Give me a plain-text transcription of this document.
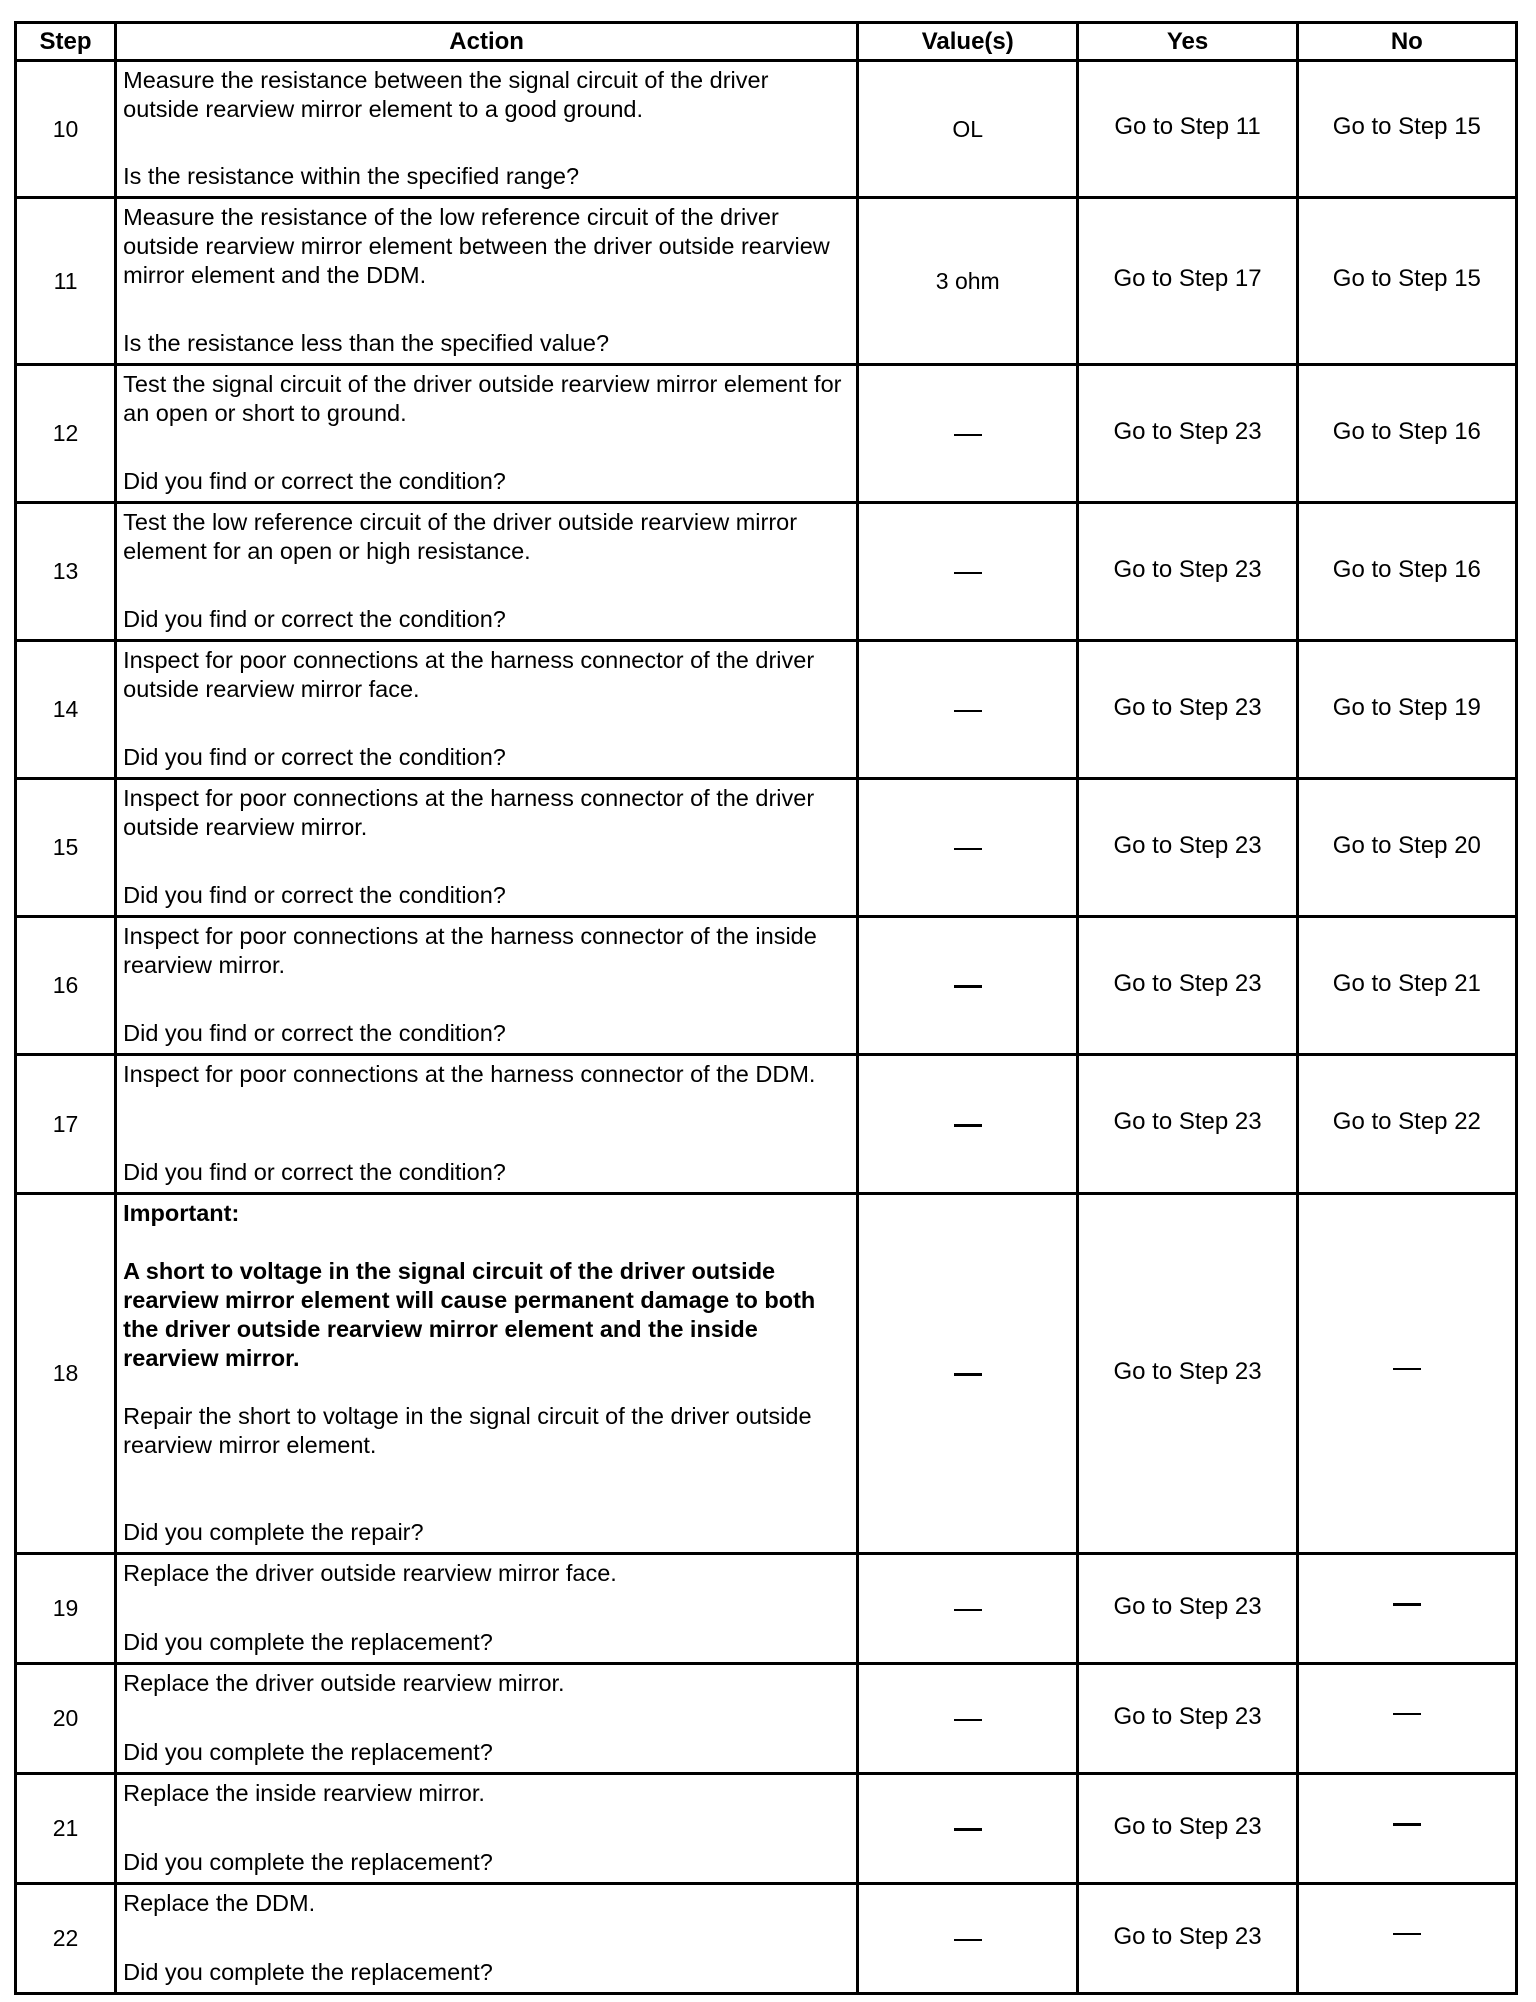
Step	Action	Value(s)	Yes	No
10	Measure the resistance between the signal circuit of the driver outside rearview mirror element to a good ground.
Is the resistance within the specified range?	OL	Go to Step 11	Go to Step 15

11	Measure the resistance of the low reference circuit of the driver outside rearview mirror element between the driver outside rearview mirror element and the DDM.
Is the resistance less than the specified value?	3 ohm	Go to Step 17	Go to Step 15

12	Test the signal circuit of the driver outside rearview mirror element for an open or short to ground.
Did you find or correct the condition?		Go to Step 23	Go to Step 16

13	Test the low reference circuit of the driver outside rearview mirror element for an open or high resistance.
Did you find or correct the condition?		Go to Step 23	Go to Step 16

14	Inspect for poor connections at the harness connector of the driver outside rearview mirror face.
Did you find or correct the condition?		Go to Step 23	Go to Step 19

15	Inspect for poor connections at the harness connector of the driver outside rearview mirror.
Did you find or correct the condition?		Go to Step 23	Go to Step 20

16	Inspect for poor connections at the harness connector of the inside rearview mirror.
Did you find or correct the condition?		Go to Step 23	Go to Step 21

17	Inspect for poor connections at the harness connector of the DDM.
Did you find or correct the condition?		Go to Step 23	Go to Step 22

18	Important:
A short to voltage in the signal circuit of the driver outside rearview mirror element will cause permanent damage to both the driver outside rearview mirror element and the inside rearview mirror.
Repair the short to voltage in the signal circuit of the driver outside rearview mirror element.
Did you complete the repair?		Go to Step 23

19	Replace the driver outside rearview mirror face.
Did you complete the replacement?		Go to Step 23

20	Replace the driver outside rearview mirror.
Did you complete the replacement?		Go to Step 23

21	Replace the inside rearview mirror.
Did you complete the replacement?		Go to Step 23

22	Replace the DDM.
Did you complete the replacement?		Go to Step 23
